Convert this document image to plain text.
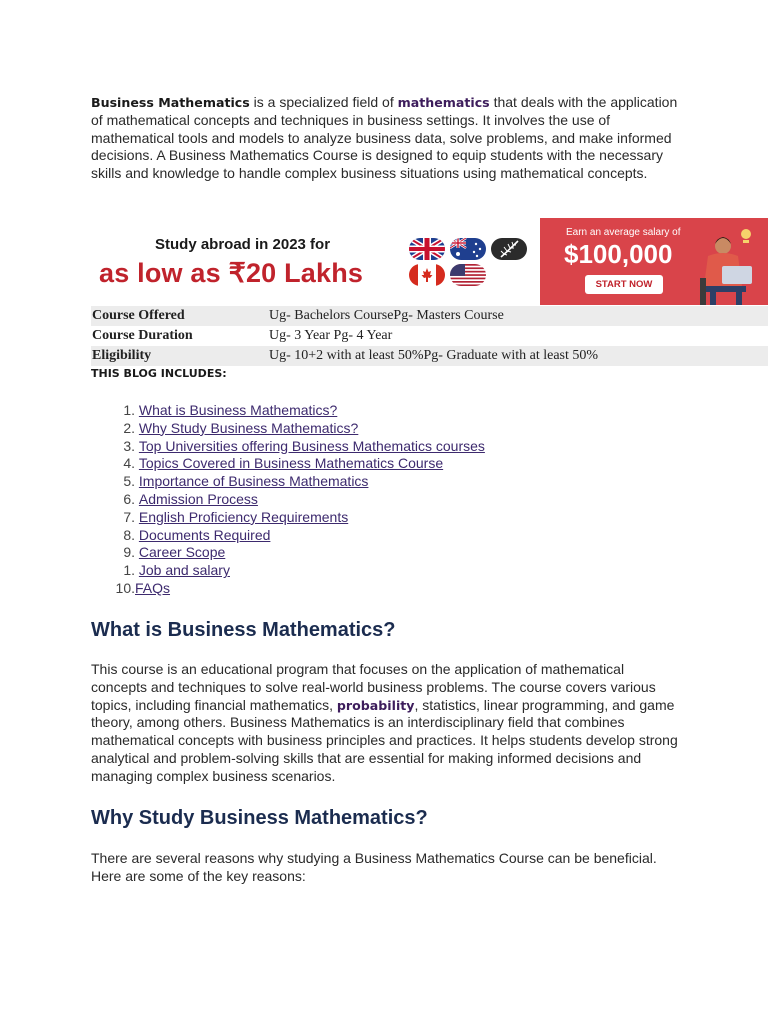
Business Mathematics is a specialized field of mathematics that deals with the application of mathematical concepts and techniques in business settings. It involves the use of mathematical tools and models to analyze business data, solve problems, and make informed decisions. A Business Mathematics Course is designed to equip students with the necessary skills and knowledge to handle complex business situations using mathematical concepts.
Study abroad in 2023 for
as low as ₹20 Lakhs
Earn an average salary of
$100,000
START NOW
Course Offered	Ug- Bachelors CoursePg- Masters Course
Course Duration	Ug- 3 Year Pg- 4 Year
Eligibility	Ug- 10+2 with at least 50%Pg- Graduate with at least 50%
THIS BLOG INCLUDES:
1.
What is Business Mathematics?
2.
Why Study Business Mathematics?
3.
Top Universities offering Business Mathematics courses
4.
Topics Covered in Business Mathematics Course
5.
Importance of Business Mathematics
6.
Admission Process
7.
English Proficiency Requirements
8.
Documents Required
9.
Career Scope
1.
Job and salary
10. FAQs
What is Business Mathematics?
This course is an educational program that focuses on the application of mathematical concepts and techniques to solve real-world business problems. The course covers various topics, including financial mathematics, probability, statistics, linear programming, and game theory, among others. Business Mathematics is an interdisciplinary field that combines mathematical concepts with business principles and practices. It helps students develop strong analytical and problem-solving skills that are essential for making informed decisions and managing complex business scenarios.
Why Study Business Mathematics?
There are several reasons why studying a Business Mathematics Course can be beneficial. Here are some of the key reasons:
